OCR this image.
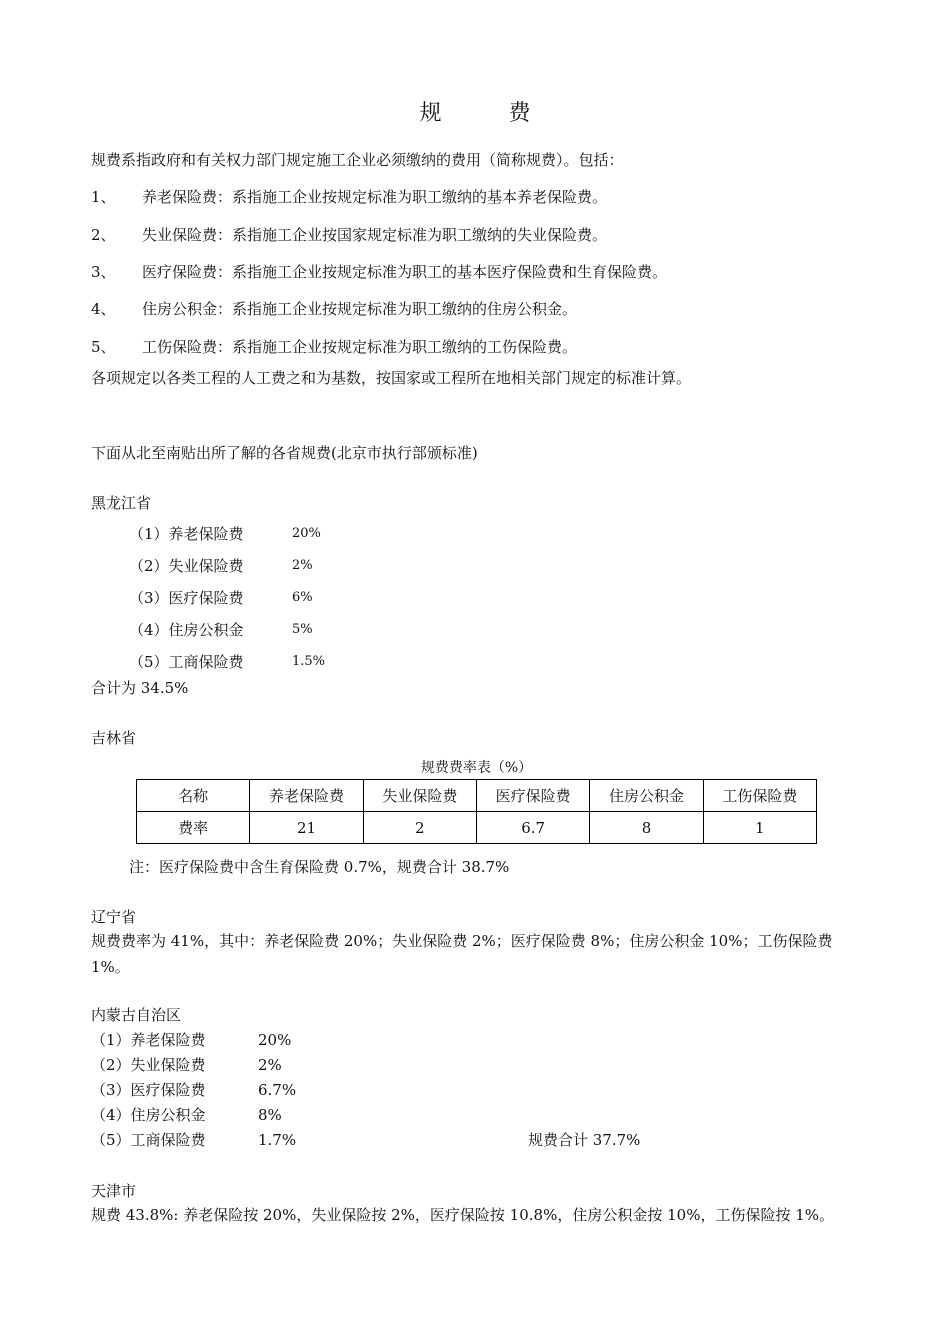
规 费
规费系指政府和有关权力部门规定施工企业必须缴纳的费用（简称规费）。包括：
1、 养老保险费：系指施工企业按规定标准为职工缴纳的基本养老保险费。
2、 失业保险费：系指施工企业按国家规定标准为职工缴纳的失业保险费。
3、 医疗保险费：系指施工企业按规定标准为职工的基本医疗保险费和生育保险费。
4、 住房公积金：系指施工企业按规定标准为职工缴纳的住房公积金。
5、 工伤保险费：系指施工企业按规定标准为职工缴纳的工伤保险费。
各项规定以各类工程的人工费之和为基数，按国家或工程所在地相关部门规定的标准计算。
下面从北至南贴出所了解的各省规费(北京市执行部颁标准)
黑龙江省
（1）养老保险费	20%
（2）失业保险费	2%
（3）医疗保险费	6%
（4）住房公积金	5%
（5）工商保险费	1.5%
合计为 34.5%
吉林省
规费费率表（%）
名称	养老保险费	失业保险费	医疗保险费	住房公积金	工伤保险费
费率	21	2	6.7	8	1
注：医疗保险费中含生育保险费 0.7%，规费合计 38.7%
辽宁省
规费费率为 41%，其中：养老保险费 20%；失业保险费 2%；医疗保险费 8%；住房公积金 10%；工伤保险费 1%。
内蒙古自治区
（1）养老保险费	20%
（2）失业保险费	2%
（3）医疗保险费	6.7%
（4）住房公积金	8%
（5）工商保险费	1.7%	规费合计 37.7%
天津市
规费 43.8%: 养老保险按 20%，失业保险按 2%，医疗保险按 10.8%，住房公积金按 10%，工伤保险按 1%。
